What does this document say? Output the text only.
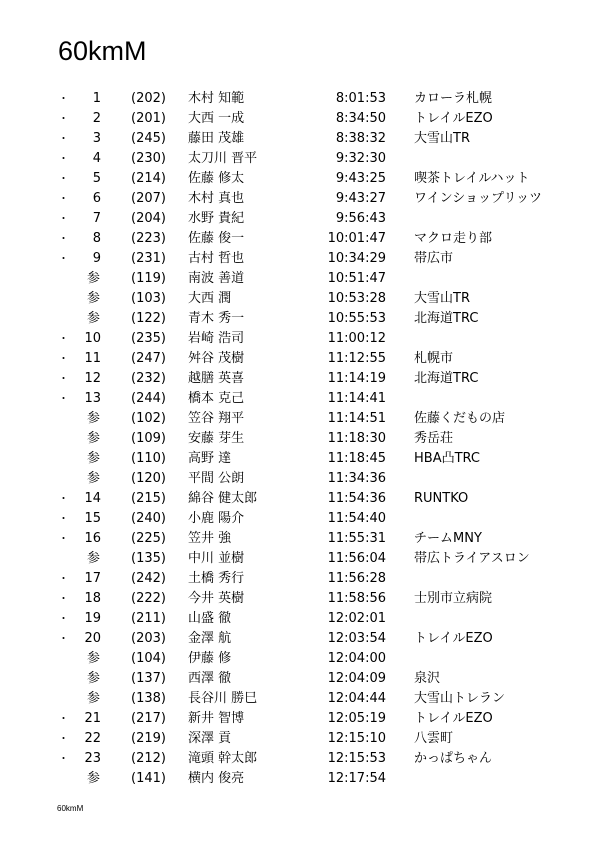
60kmM
・	1 (202) 木村 知範	8:01:53 カローラ札幌
・	2 (201) 大西 一成	8:34:50 トレイルEZO
・	3 (245) 藤田 茂雄	8:38:32 大雪山TR
・	4 (230) 太刀川 晋平	9:32:30
・	5 (214) 佐藤 修太	9:43:25 喫茶トレイルハット
・	6 (207) 木村 真也	9:43:27 ワインショップリッツ
・	7 (204) 水野 貴紀	9:56:43
・	8 (223) 佐藤 俊一	10:01:47 マクロ走り部
・	9 (231) 古村 哲也	10:34:29 帯広市
参 (119) 南波 善道	10:51:47
参 (103) 大西 潤	10:53:28 大雪山TR
参 (122) 青木 秀一	10:55:53 北海道TRC
・ 10 (235) 岩崎 浩司	11:00:12
・ 11 (247) 舛谷 茂樹	11:12:55 札幌市
・ 12 (232) 越膳 英喜	11:14:19 北海道TRC
・ 13 (244) 橋本 克己	11:14:41
参 (102) 笠谷 翔平	11:14:51 佐藤くだもの店
参 (109) 安藤 芽生	11:18:30 秀岳荘
参 (110) 高野 達	11:18:45 HBA凸TRC
参 (120) 平間 公朗	11:34:36
・ 14 (215) 綿谷 健太郎	11:54:36 RUNTKO
・ 15 (240) 小鹿 陽介	11:54:40
・ 16 (225) 笠井 強	11:55:31 チームMNY
参 (135) 中川 並樹	11:56:04 帯広トライアスロン
・ 17 (242) 土橋 秀行	11:56:28
・ 18 (222) 今井 英樹	11:58:56 士別市立病院
・ 19 (211) 山盛 徹	12:02:01
・ 20 (203) 金澤 航	12:03:54 トレイルEZO
参 (104) 伊藤 修	12:04:00
参 (137) 西澤 徹	12:04:09 泉沢
参 (138) 長谷川 勝巳	12:04:44 大雪山トレラン
・ 21 (217) 新井 智博	12:05:19 トレイルEZO
・ 22 (219) 深澤 貢	12:15:10 八雲町
・ 23 (212) 滝頭 幹太郎	12:15:53 かっぱちゃん
参 (141) 横内 俊亮	12:17:54
60kmM
